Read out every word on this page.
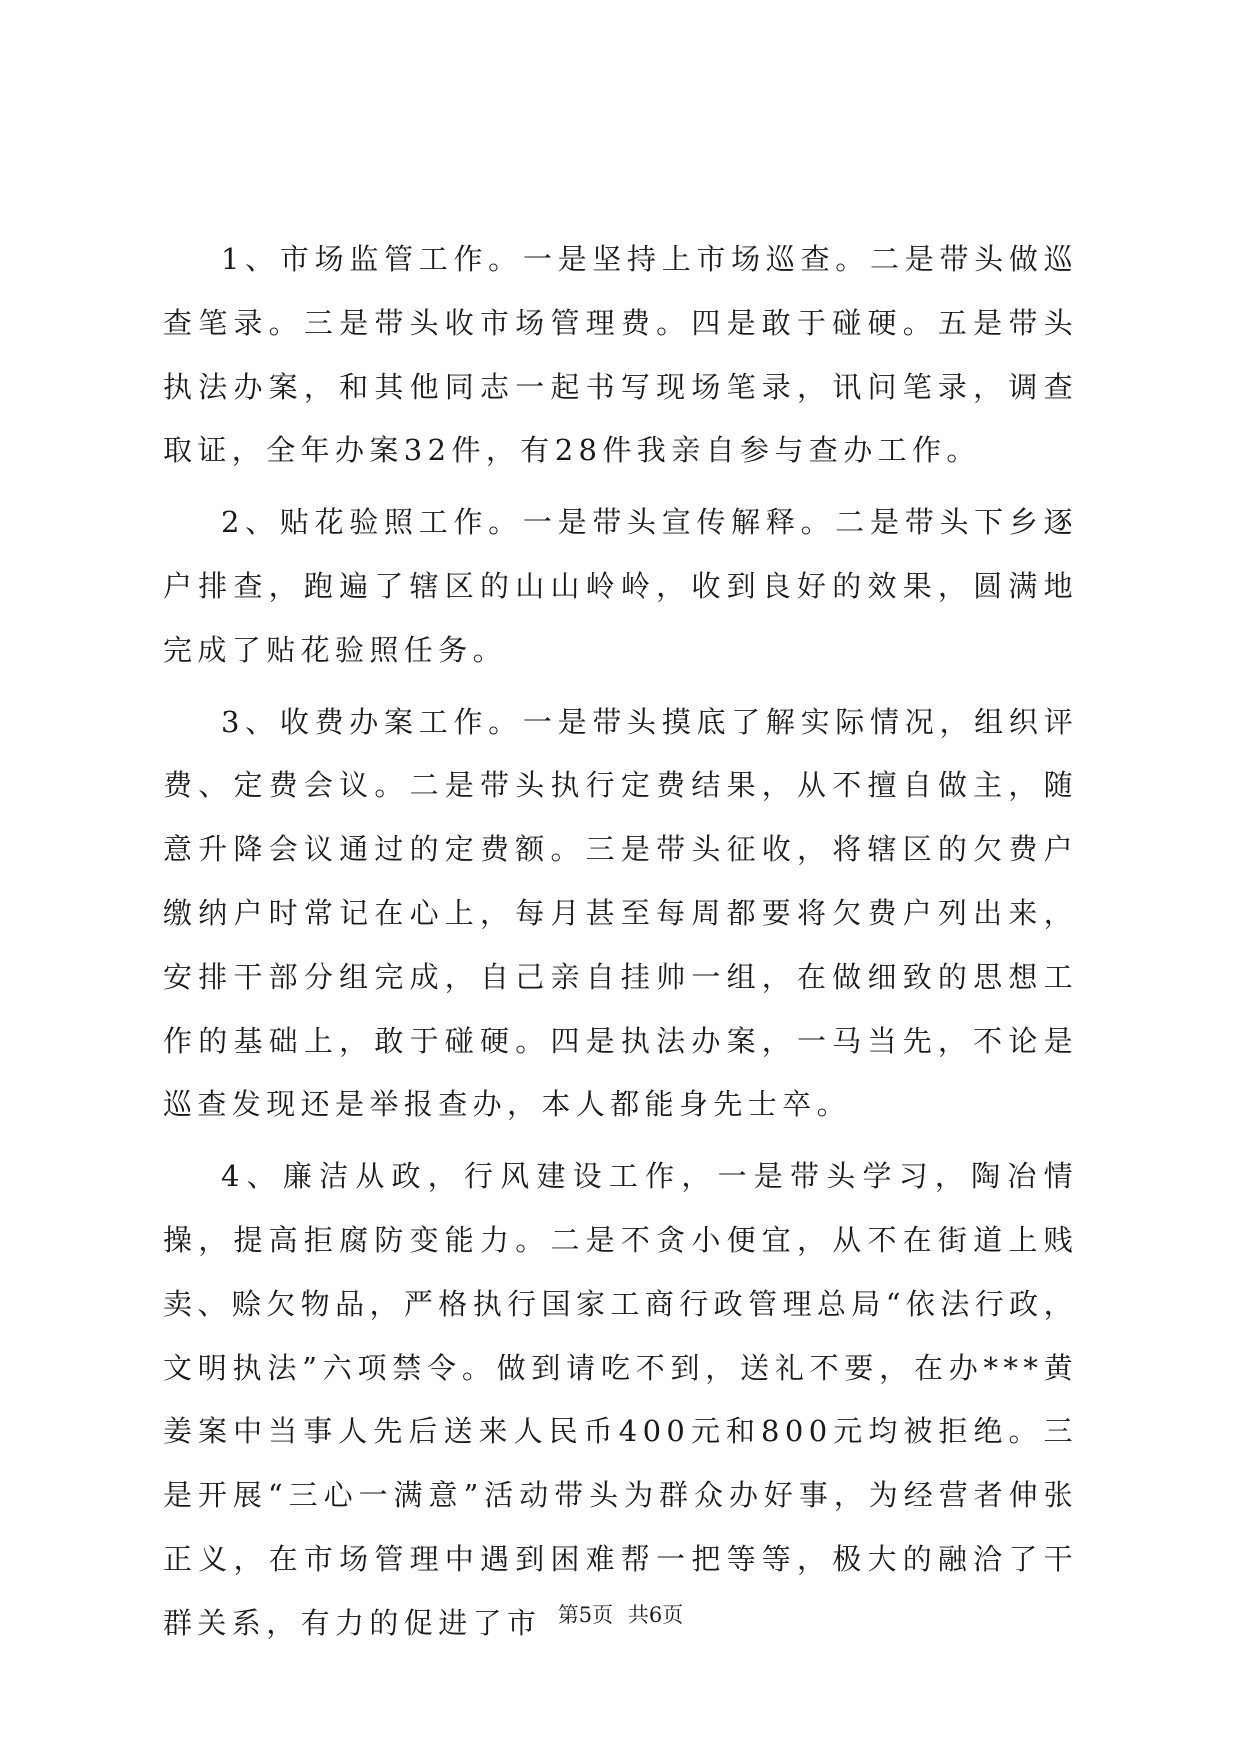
1、市场监管工作。一是坚持上市场巡查。二是带头做巡查笔录。三是带头收市场管理费。四是敢于碰硬。五是带头执法办案，和其他同志一起书写现场笔录，讯问笔录，调查取证，全年办案32件，有28件我亲自参与查办工作。

2、贴花验照工作。一是带头宣传解释。二是带头下乡逐户排查，跑遍了辖区的山山岭岭，收到良好的效果，圆满地完成了贴花验照任务。

3、收费办案工作。一是带头摸底了解实际情况，组织评费、定费会议。二是带头执行定费结果，从不擅自做主，随意升降会议通过的定费额。三是带头征收，将辖区的欠费户缴纳户时常记在心上，每月甚至每周都要将欠费户列出来，安排干部分组完成，自己亲自挂帅一组，在做细致的思想工作的基础上，敢于碰硬。四是执法办案，一马当先，不论是巡查发现还是举报查办，本人都能身先士卒。

4、廉洁从政，行风建设工作，一是带头学习，陶冶情操，提高拒腐防变能力。二是不贪小便宜，从不在街道上贱卖、赊欠物品，严格执行国家工商行政管理总局“依法行政，文明执法”六项禁令。做到请吃不到，送礼不要，在办***黄姜案中当事人先后送来人民币400元和800元均被拒绝。三是开展“三心一满意”活动带头为群众办好事，为经营者伸张正义，在市场管理中遇到困难帮一把等等，极大的融洽了干群关系，有力的促进了市 第5页 共6页
